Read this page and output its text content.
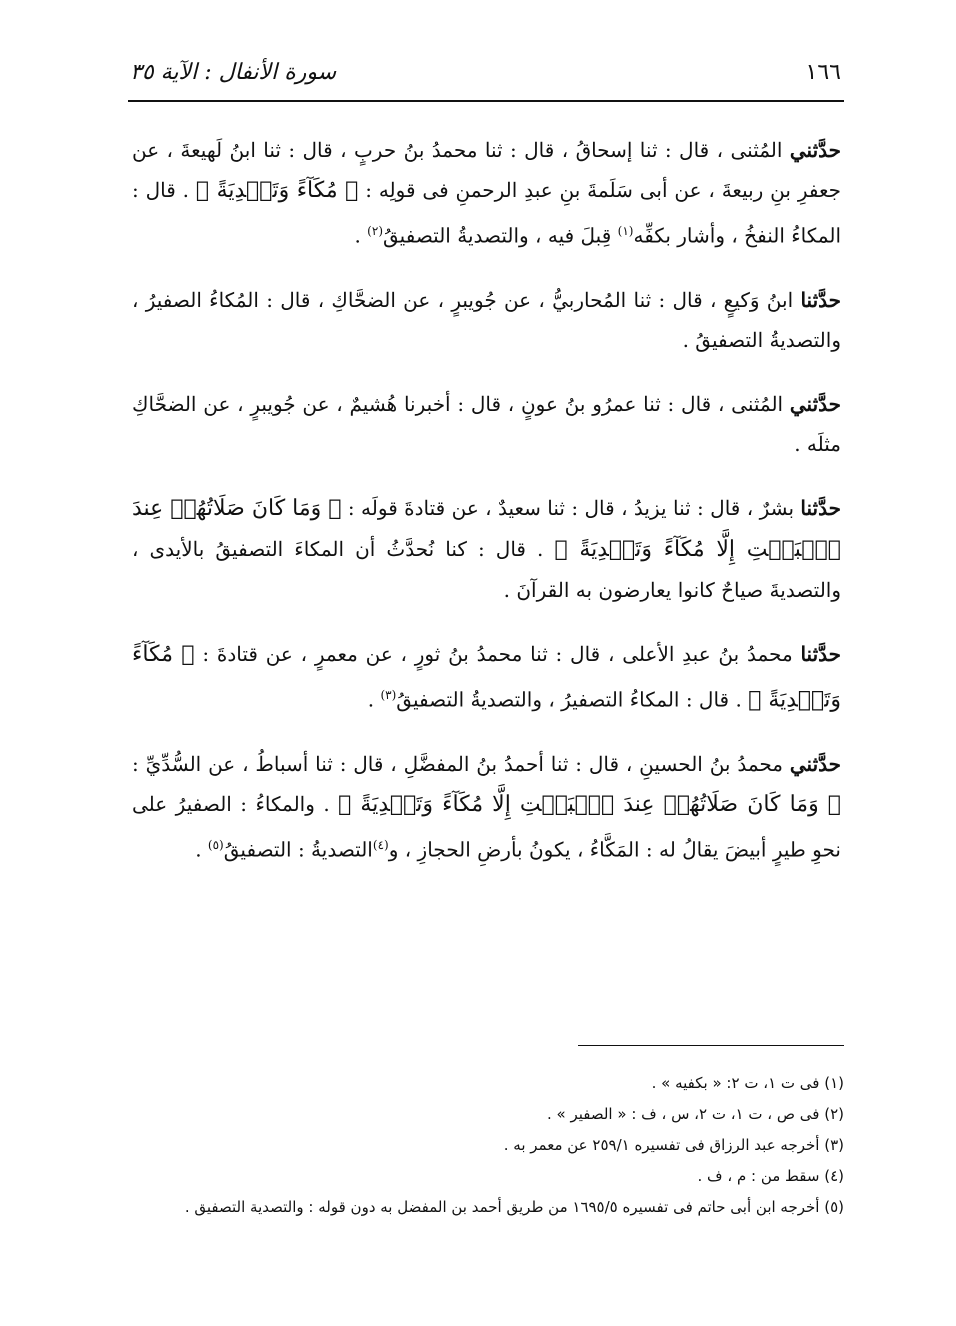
١٦٦
سورة الأنفال : الآية ٣٥

حدَّثني المُثنى ، قال : ثنا إسحاقُ ، قال : ثنا محمدُ بنُ حربٍ ، قال : ثنا ابنُ لَهيعةَ ، عن جعفرِ بنِ ربيعةَ ، عن أبى سَلَمةَ بنِ عبدِ الرحمنِ فى قولِه : ﴿ مُكَآءً وَتَصۡدِيَةً ﴾ . قال : المكاءُ النفخُ ، وأشار بكفِّه$^{(١)}$ قِبلَ فيه ، والتصديةُ التصفيقُ$^{(٢)}$ .

حدَّثنا ابنُ وَكيعٍ ، قال : ثنا المُحاربيُّ ، عن جُويبرٍ ، عن الضحَّاكِ ، قال : المُكاءُ الصفيرُ ، والتصديةُ التصفيقُ .

حدَّثني المُثنى ، قال : ثنا عمرُو بنُ عونٍ ، قال : أخبرنا هُشيمٌ ، عن جُويبرٍ ، عن الضحَّاكِ مثلَه .

حدَّثنا بشرٌ ، قال : ثنا يزيدُ ، قال : ثنا سعيدٌ ، عن قتادةَ قولَه : ﴿ وَمَا كَانَ صَلَاتُهُمۡ عِندَ ٱلۡبَيۡتِ إِلَّا مُكَآءً وَتَصۡدِيَةً ﴾ . قال : كنا نُحدَّثُ أن المكاءَ التصفيقُ بالأيدى ، والتصديةَ صياحٌ كانوا يعارضون به القرآنَ .

حدَّثنا محمدُ بنُ عبدِ الأعلى ، قال : ثنا محمدُ بنُ ثورٍ ، عن معمرٍ ، عن قتادةَ : ﴿ مُكَآءً وَتَصۡدِيَةً ﴾ . قال : المكاءُ التصفيرُ ، والتصديةُ التصفيقُ$^{(٣)}$ .

حدَّثني محمدُ بنُ الحسينِ ، قال : ثنا أحمدُ بنُ المفضَّلِ ، قال : ثنا أسباطُ ، عن السُّدِّيِّ : ﴿ وَمَا كَانَ صَلَاتُهُمۡ عِندَ ٱلۡبَيۡتِ إِلَّا مُكَآءً وَتَصۡدِيَةً ﴾ . والمكاءُ : الصفيرُ على نحوِ طيرٍ أبيضَ يقالُ له : المَكَّاءُ ، يكونُ بأرضِ الحجازِ ، و$^{(٤)}$التصديةُ : التصفيقُ$^{(٥)}$ .

(١) فى ت ١، ت ٢: « بكفيه » .

(٢) فى ص ، ت ١، ت ٢، س ، ف : « الصفير » .

(٣) أخرجه عبد الرزاق فى تفسيره ٢٥٩/١ عن معمر به .

(٤) سقط من : م ، ف .

(٥) أخرجه ابن أبى حاتم فى تفسيره ١٦٩٥/٥ من طريق أحمد بن المفضل به دون قوله : والتصدية التصفيق .
